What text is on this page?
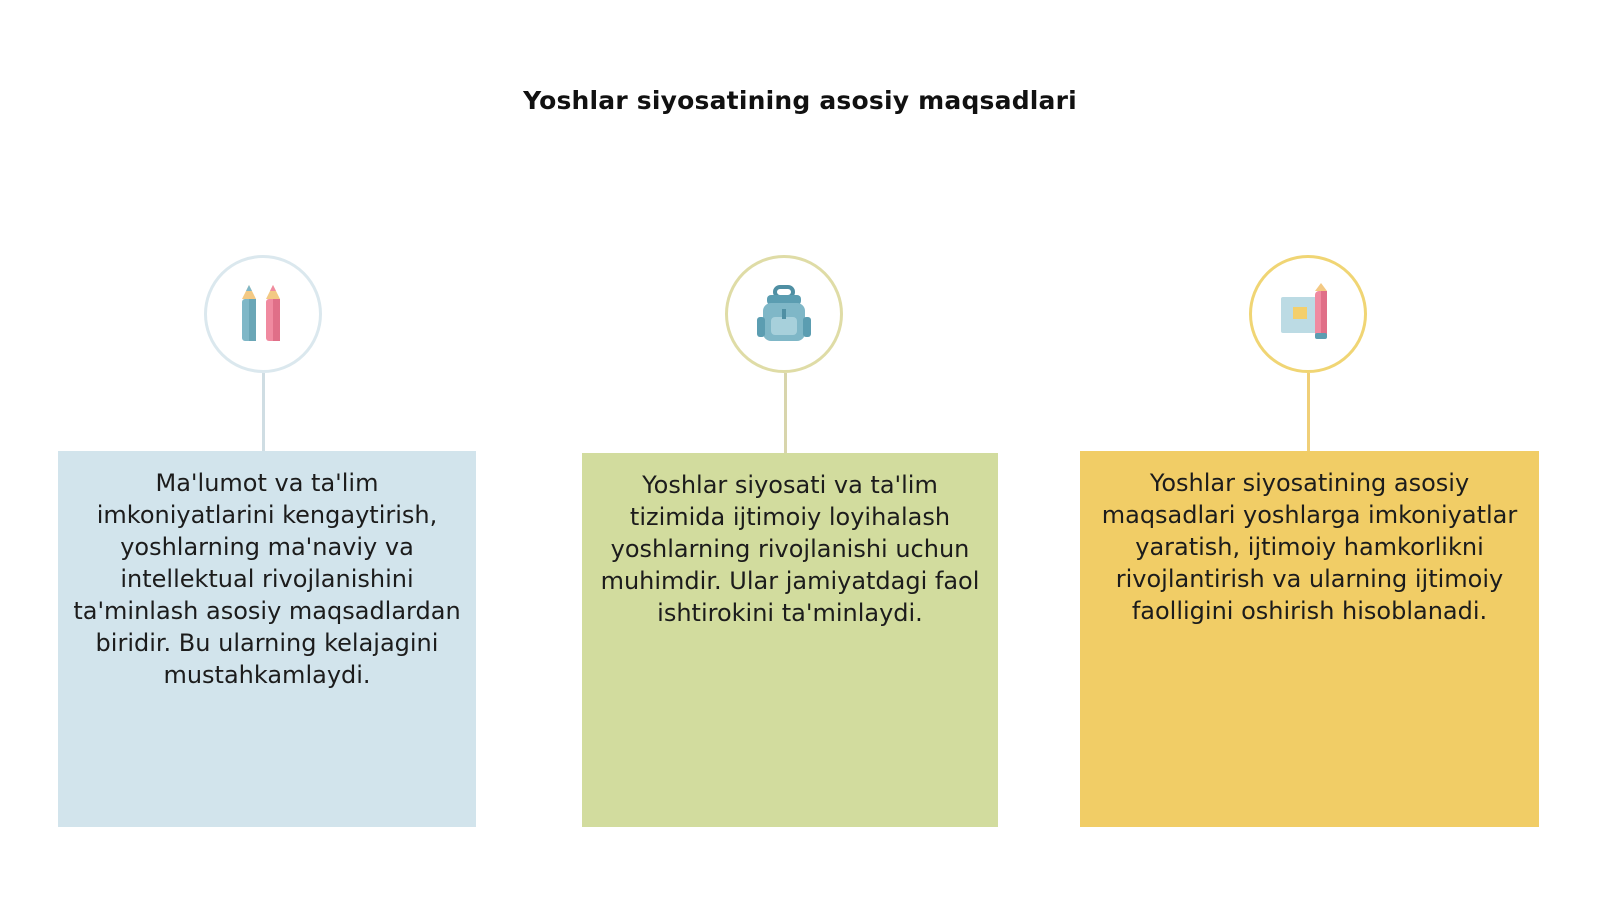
Yoshlar siyosatining asosiy maqsadlari

Ma'lumot va ta'lim imkoniyatlarini kengaytirish, yoshlarning ma'naviy va intellektual rivojlanishini ta'minlash asosiy maqsadlardan biridir. Bu ularning kelajagini mustahkamlaydi.

Yoshlar siyosati va ta'lim tizimida ijtimoiy loyihalash yoshlarning rivojlanishi uchun muhimdir. Ular jamiyatdagi faol ishtirokini ta'minlaydi.

Yoshlar siyosatining asosiy maqsadlari yoshlarga imkoniyatlar yaratish, ijtimoiy hamkorlikni rivojlantirish va ularning ijtimoiy faolligini oshirish hisoblanadi.
